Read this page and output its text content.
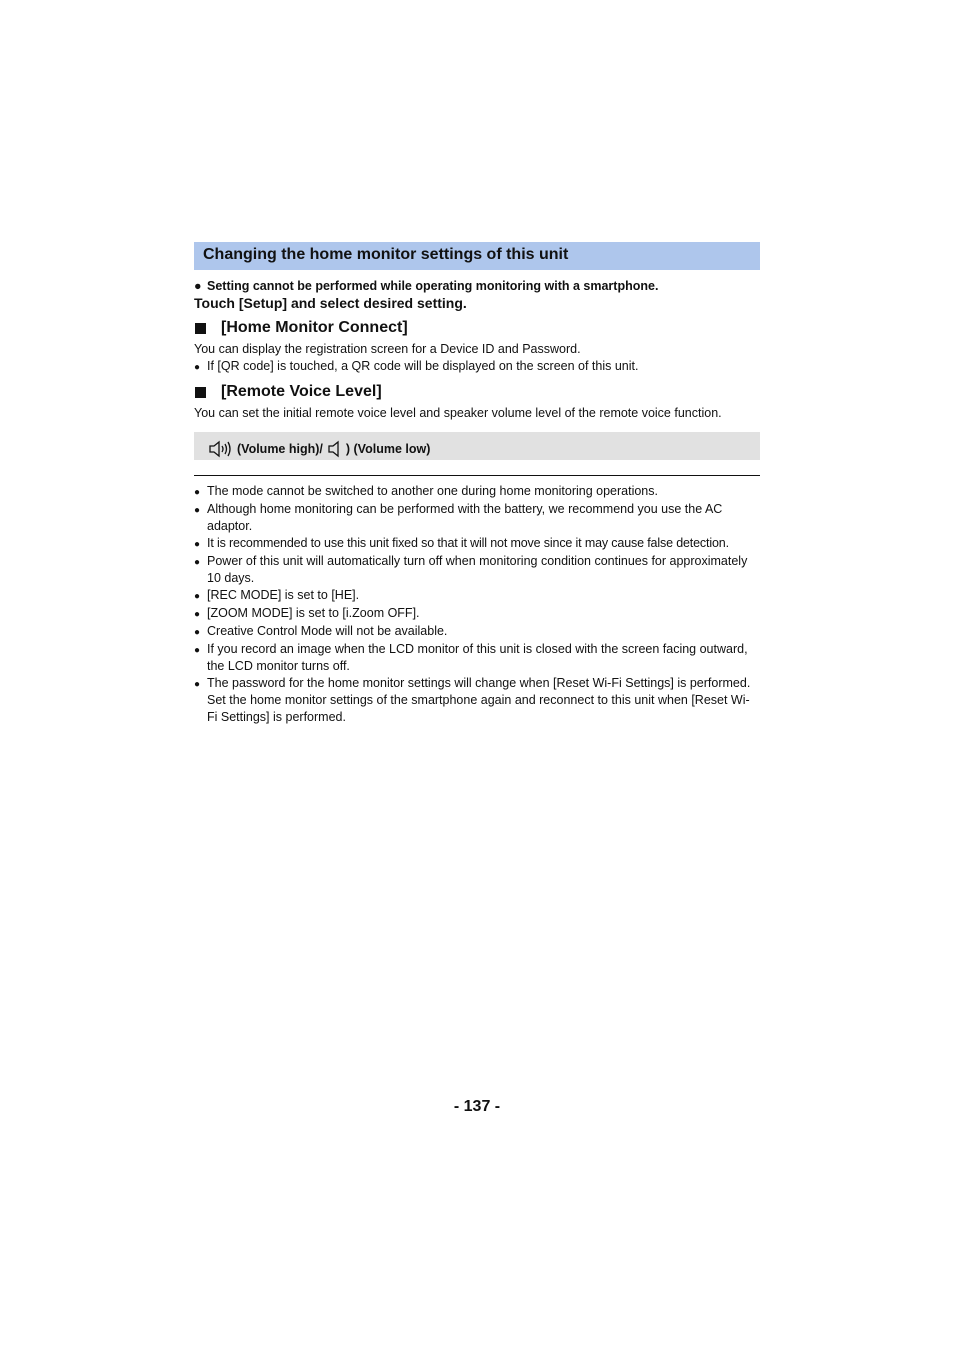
Changing the home monitor settings of this unit
● Setting cannot be performed while operating monitoring with a smartphone.
Touch [Setup] and select desired setting.
[Home Monitor Connect]
You can display the registration screen for a Device ID and Password.
● If [QR code] is touched, a QR code will be displayed on the screen of this unit.
[Remote Voice Level]
You can set the initial remote voice level and speaker volume level of the remote voice function.
(Volume high)/ ) (Volume low)
● The mode cannot be switched to another one during home monitoring operations.
● Although home monitoring can be performed with the battery, we recommend you use the AC adaptor.
● It is recommended to use this unit fixed so that it will not move since it may cause false detection.
● Power of this unit will automatically turn off when monitoring condition continues for approximately 10 days.
● [REC MODE] is set to [HE].
● [ZOOM MODE] is set to [i.Zoom OFF].
● Creative Control Mode will not be available.
● If you record an image when the LCD monitor of this unit is closed with the screen facing outward, the LCD monitor turns off.
● The password for the home monitor settings will change when [Reset Wi-Fi Settings] is performed. Set the home monitor settings of the smartphone again and reconnect to this unit when [Reset Wi-Fi Settings] is performed.
- 137 -
